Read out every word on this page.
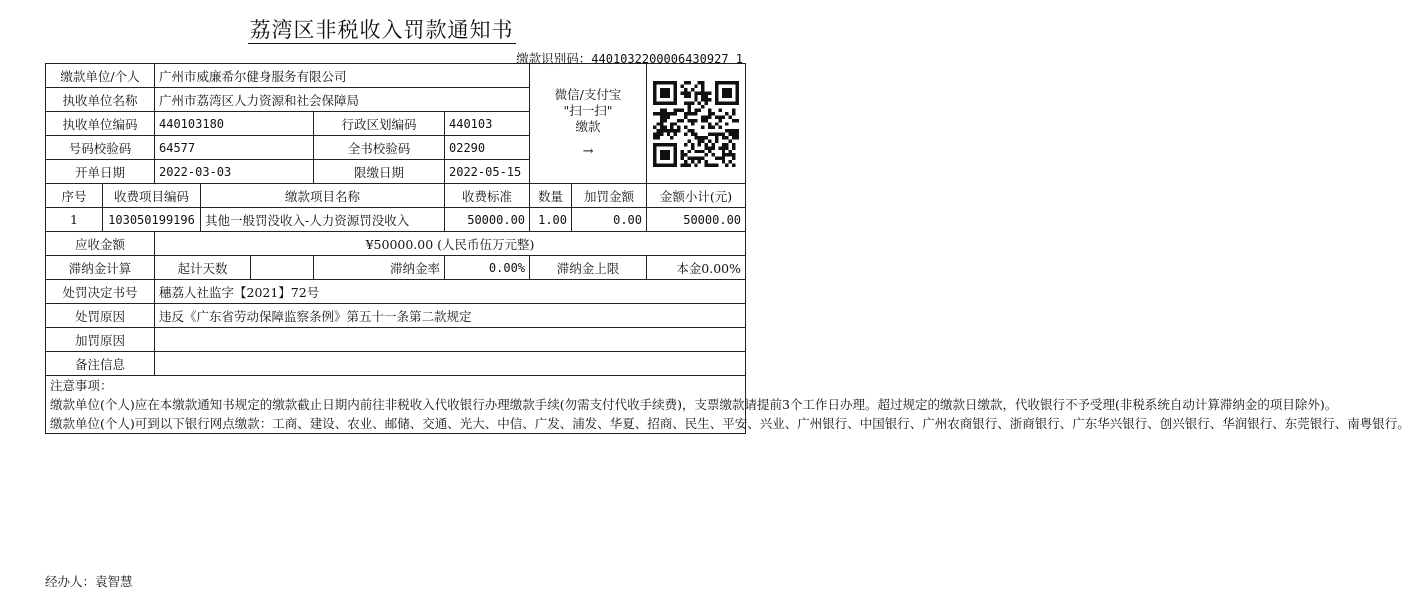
荔湾区非税收入罚款通知书
缴款识别码：4401032200006430927 1
缴款单位/个人		广州市威廉希尔健身服务有限公司					微信/支付宝
"扫一扫"
缴款
→

执收单位名称		广州市荔湾区人力资源和社会保障局							
执收单位编码		440103180			行政区划编码	440103			
号码校验码		64577			全书校验码	02290			
开单日期		2022-03-03			限缴日期	2022-05-15			
序号	收费项目编码		缴款项目名称			收费标准	数量	加罚金额	金额小计(元)
1	103050199196		其他一般罚没收入-人力资源罚没收入			50000.00	1.00	0.00	50000.00
应收金额		¥50000.00 (人民币伍万元整)							
滞纳金计算		起计天数			滞纳金率	0.00%	滞纳金上限		本金0.00%
处罚决定书号		穗荔人社监字【2021】72号							
处罚原因		违反《广东省劳动保障监察条例》第五十一条第二款规定							
加罚原因									
备注信息									

注意事项：

缴款单位(个人)应在本缴款通知书规定的缴款截止日期内前往非税收入代收银行办理缴款手续(勿需支付代收手续费)，支票缴款请提前3个工作日办理。超过规定的缴款日缴款，代收银行不予受理(非税系统自动计算滞纳金的项目除外)。

缴款单位(个人)可到以下银行网点缴款：工商、建设、农业、邮储、交通、光大、中信、广发、浦发、华夏、招商、民生、平安、兴业、广州银行、中国银行、广州农商银行、浙商银行、广东华兴银行、创兴银行、华润银行、东莞银行、南粤银行。									

经办人：袁智慧
